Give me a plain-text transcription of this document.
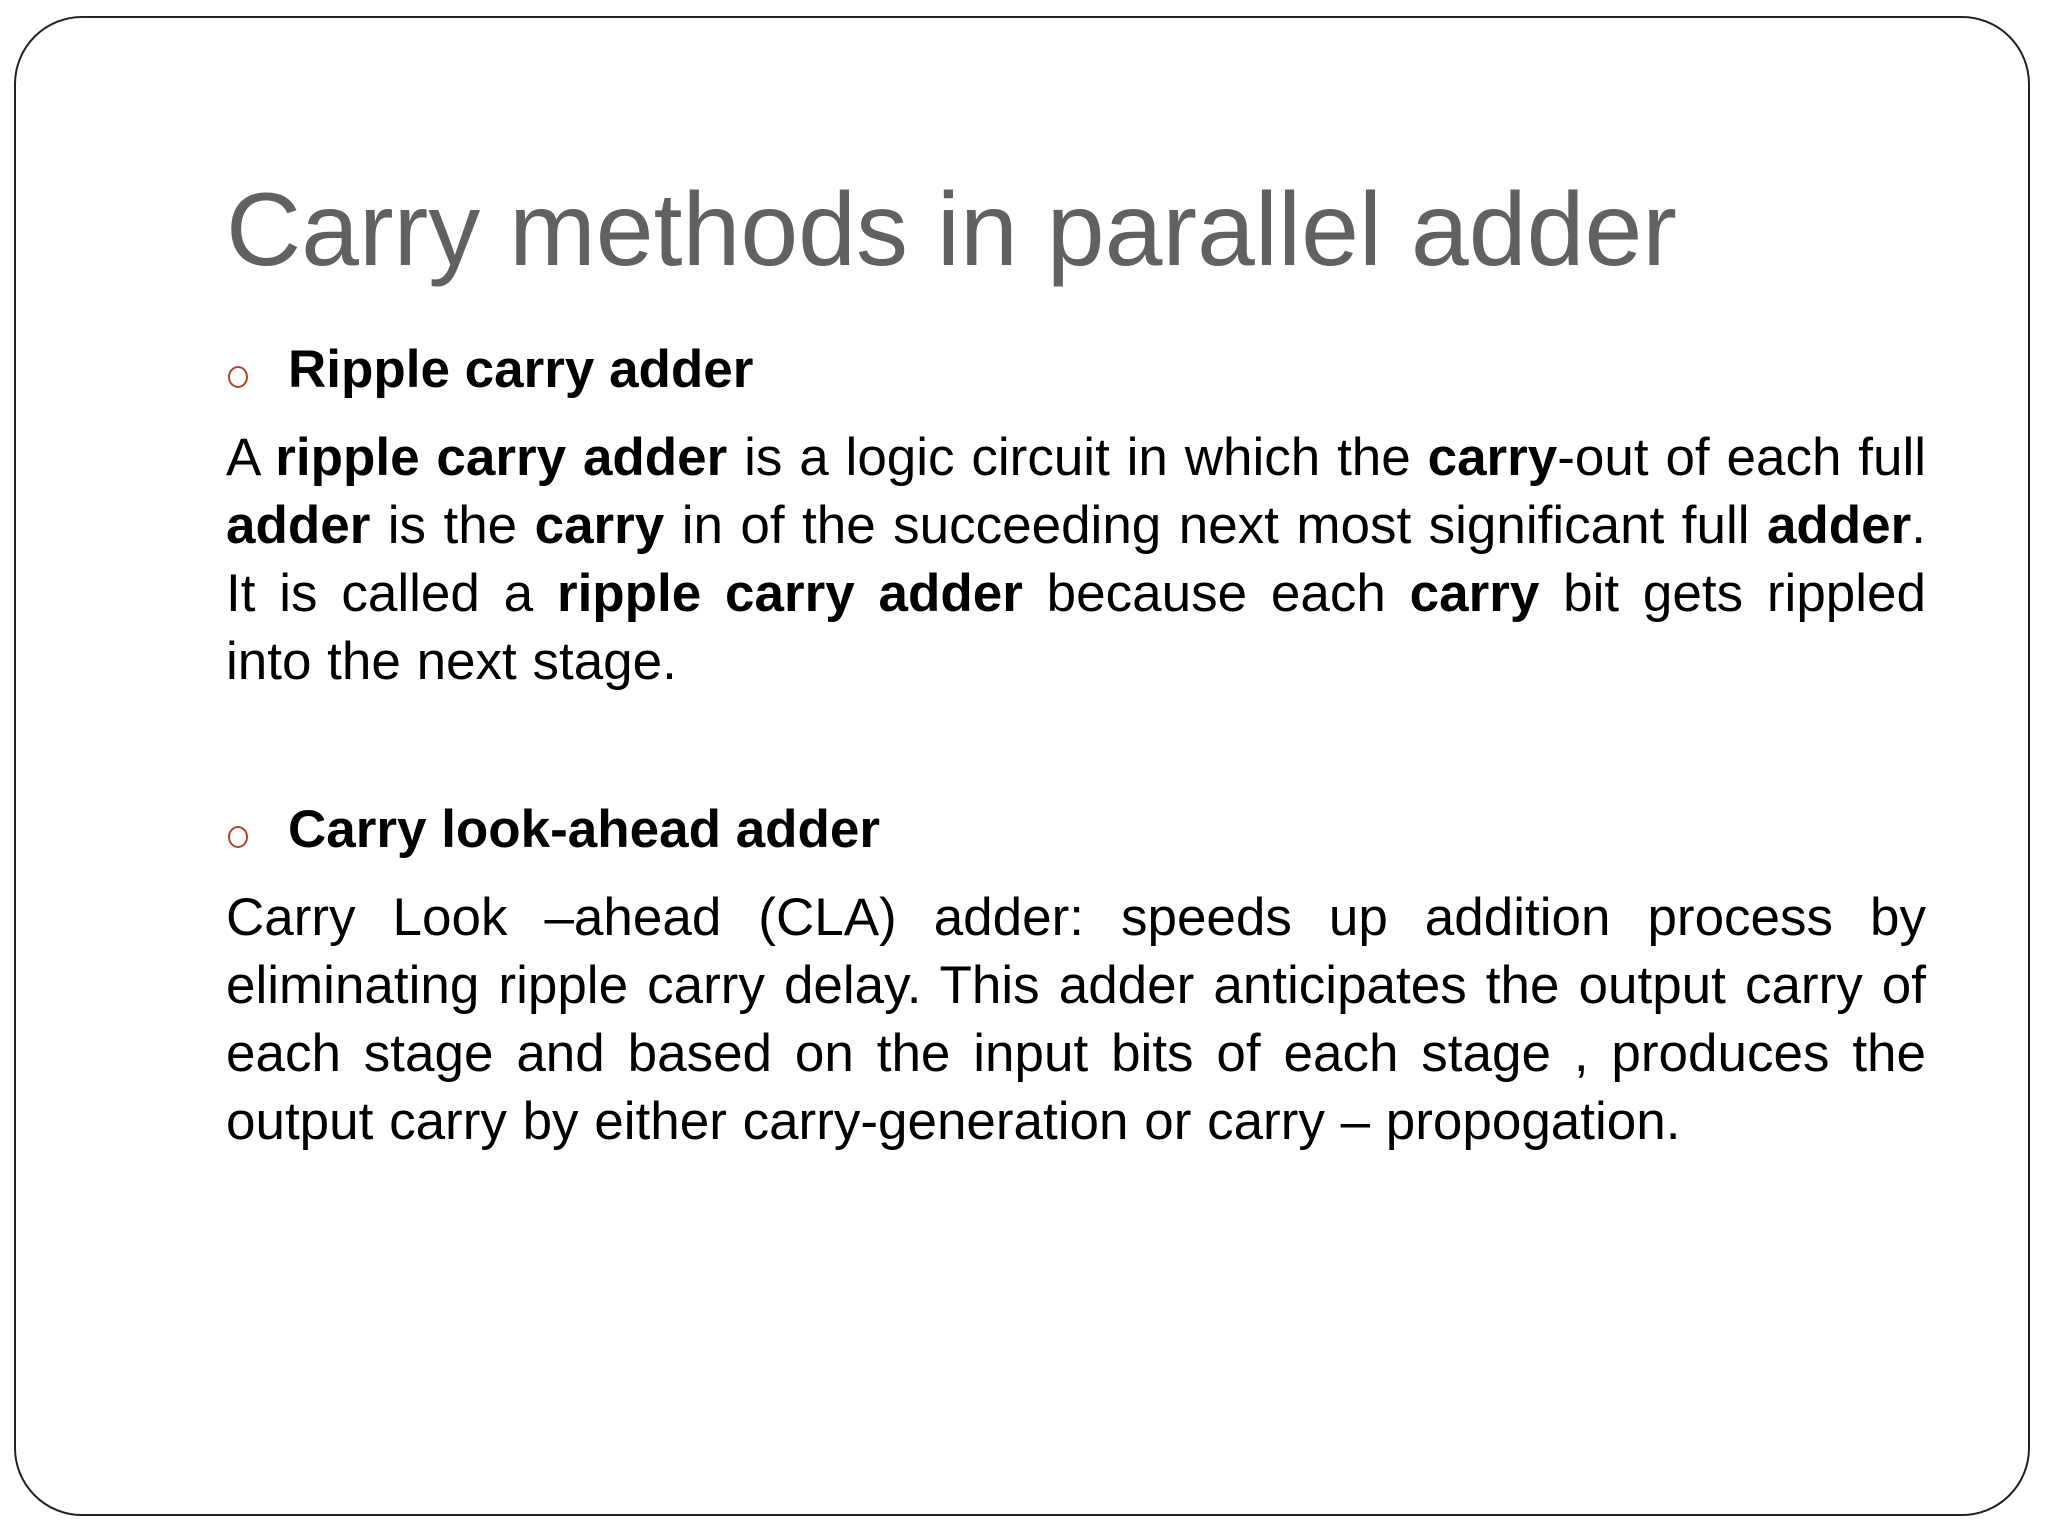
Carry methods in parallel adder
Ripple carry adder

A ripple carry adder is a logic circuit in which the carry-out of each full adder is the carry in of the succeeding next most significant full adder. It is called a ripple carry adder because each carry bit gets rippled into the next stage.

Carry look-ahead adder

Carry Look –ahead (CLA) adder: speeds up addition process by eliminating ripple carry delay. This adder anticipates the output carry of each stage and based on the input bits of each stage , produces the output carry by either carry-generation or carry – propogation.
